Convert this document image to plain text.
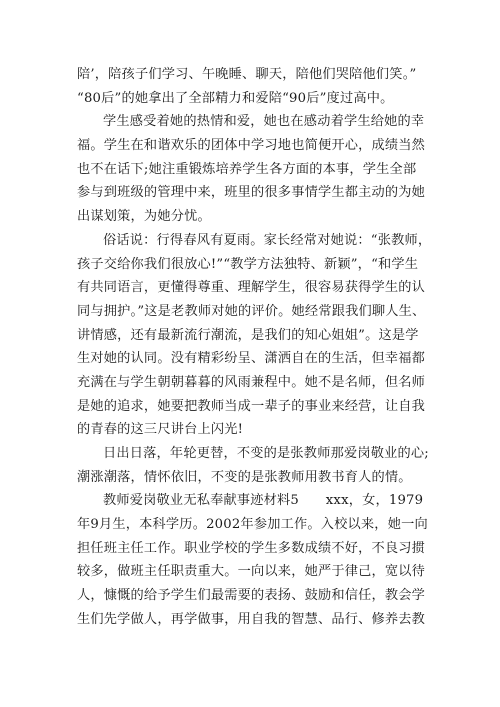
陪’，陪孩子们学习、午晚睡、聊天，陪他们哭陪他们笑。”
“80后”的她拿出了全部精力和爱陪“90后”度过高中。
学生感受着她的热情和爱，她也在感动着学生给她的幸
福。学生在和谐欢乐的团体中学习地也简便开心，成绩当然
也不在话下;她注重锻炼培养学生各方面的本事，学生全部
参与到班级的管理中来，班里的很多事情学生都主动的为她
出谋划策，为她分忧。
俗话说：行得春风有夏雨。家长经常对她说：“张教师，
孩子交给你我们很放心!”“教学方法独特、新颖”，“和学生
有共同语言，更懂得尊重、理解学生，很容易获得学生的认
同与拥护。”这是老教师对她的评价。她经常跟我们聊人生、
讲情感，还有最新流行潮流，是我们的知心姐姐”。这是学
生对她的认同。没有精彩纷呈、潇洒自在的生活，但幸福都
充满在与学生朝朝暮暮的风雨兼程中。她不是名师，但名师
是她的追求，她要把教师当成一辈子的事业来经营，让自我
的青春的这三尺讲台上闪光!
日出日落，年轮更替，不变的是张教师那爱岗敬业的心;
潮涨潮落，情怀依旧，不变的是张教师用教书育人的情。
教师爱岗敬业无私奉献事迹材料5　　xxx，女，1979
年9月生，本科学历。2002年参加工作。入校以来，她一向
担任班主任工作。职业学校的学生多数成绩不好，不良习掼
较多，做班主任职责重大。一向以来，她严于律己，宽以待
人，慷慨的给予学生们最需要的表扬、鼓励和信任，教会学
生们先学做人，再学做事，用自我的智慧、品行、修养去教
